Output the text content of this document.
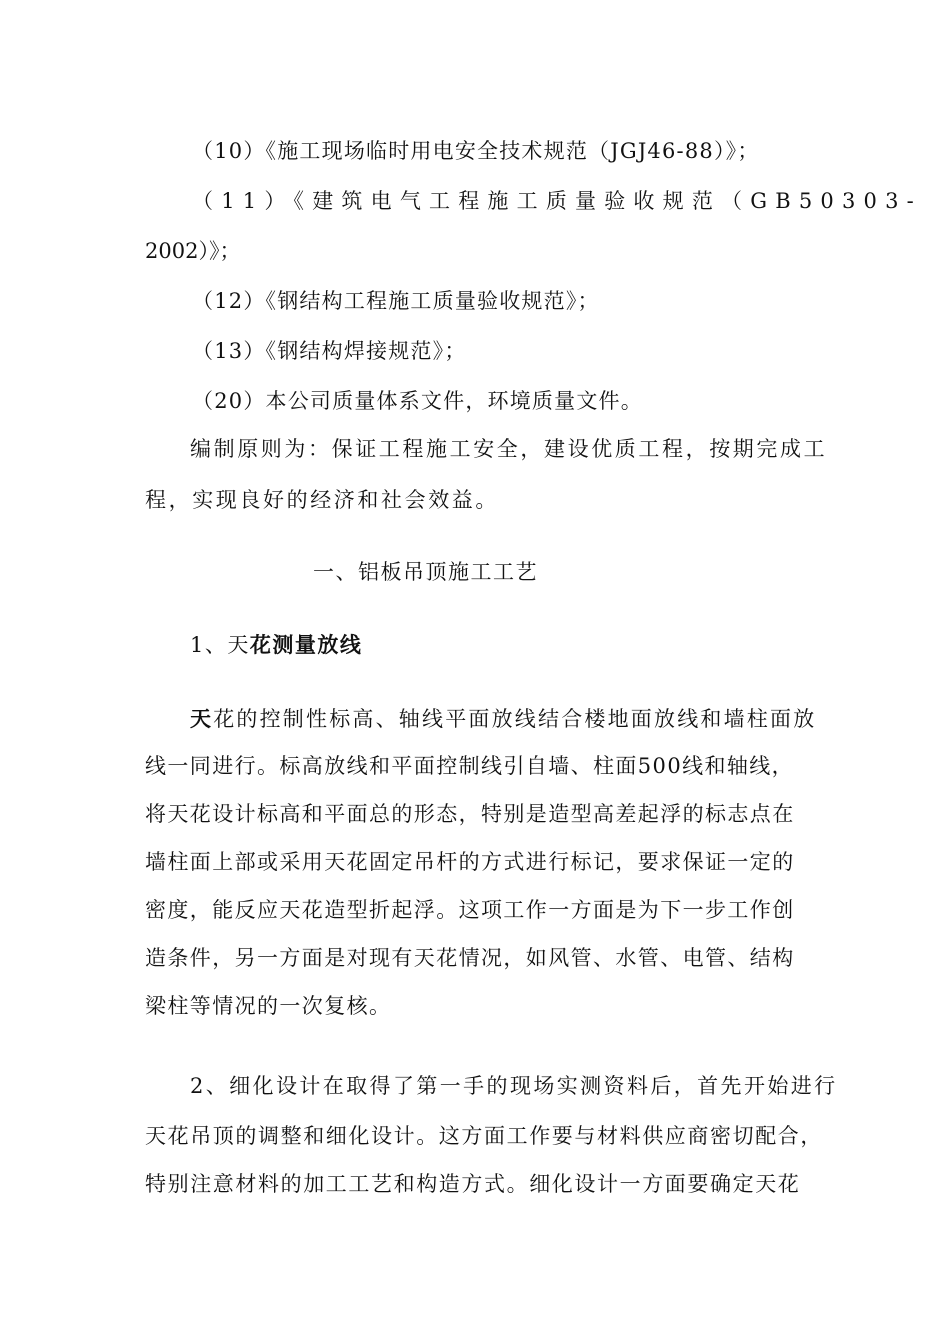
（10）《施工现场临时用电安全技术规范（JGJ46-88）》；
（11）《建筑电气工程施工质量验收规范（GB50303-
2002）》；
（12）《钢结构工程施工质量验收规范》；
（13）《钢结构焊接规范》；
（20）本公司质量体系文件，环境质量文件。
编制原则为：保证工程施工安全，建设优质工程，按期完成工
程，实现良好的经济和社会效益。
一、铝板吊顶施工工艺
1、天花测量放线
天花的控制性标高、轴线平面放线结合楼地面放线和墙柱面放
线一同进行。标高放线和平面控制线引自墙、柱面500线和轴线，
将天花设计标高和平面总的形态，特别是造型高差起浮的标志点在
墙柱面上部或采用天花固定吊杆的方式进行标记，要求保证一定的
密度，能反应天花造型折起浮。这项工作一方面是为下一步工作创
造条件，另一方面是对现有天花情况，如风管、水管、电管、结构
梁柱等情况的一次复核。
2、细化设计在取得了第一手的现场实测资料后，首先开始进行
天花吊顶的调整和细化设计。这方面工作要与材料供应商密切配合，
特别注意材料的加工工艺和构造方式。细化设计一方面要确定天花
